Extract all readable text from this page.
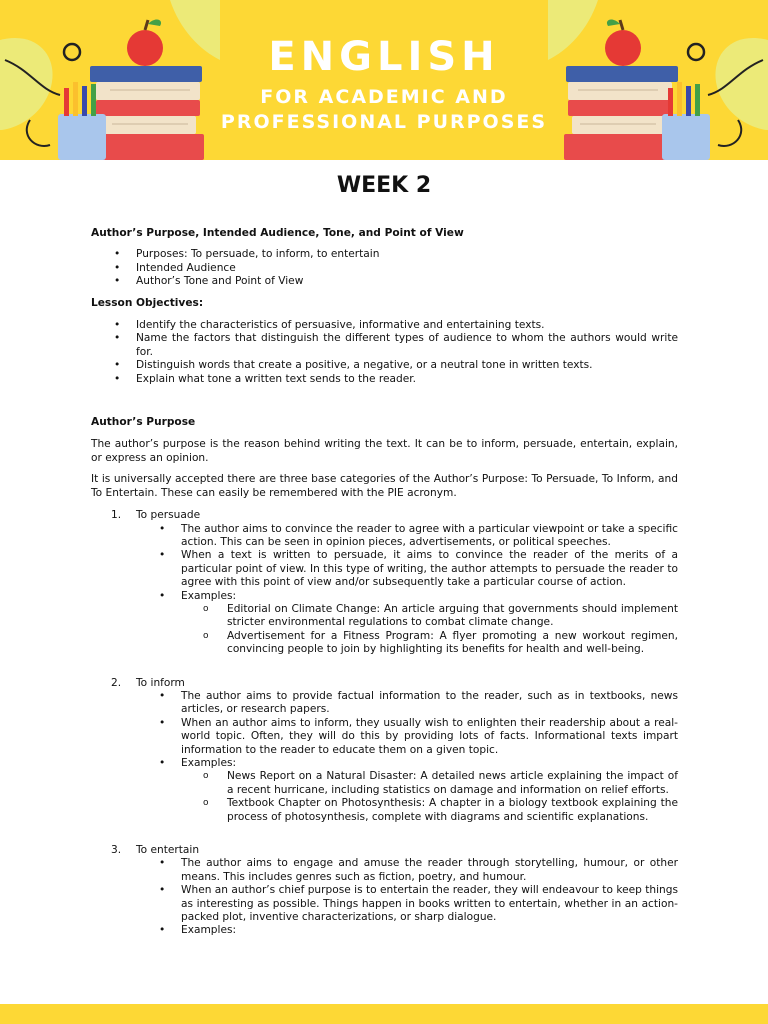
ENGLISH
FOR ACADEMIC AND
PROFESSIONAL PURPOSES
WEEK 2
Author’s Purpose, Intended Audience, Tone, and Point of View
• Purposes: To persuade, to inform, to entertain
• Intended Audience
• Author’s Tone and Point of View
Lesson Objectives:
• Identify the characteristics of persuasive, informative and entertaining texts.
• Name the factors that distinguish the different types of audience to whom the authors would write for.
• Distinguish words that create a positive, a negative, or a neutral tone in written texts.
• Explain what tone a written text sends to the reader.
Author’s Purpose

The author’s purpose is the reason behind writing the text. It can be to inform, persuade, entertain, explain, or express an opinion.

It is universally accepted there are three base categories of the Author’s Purpose: To Persuade, To Inform, and To Entertain. These can easily be remembered with the PIE acronym.

1. To persuade
• The author aims to convince the reader to agree with a particular viewpoint or take a specific action. This can be seen in opinion pieces, advertisements, or political speeches.
• When a text is written to persuade, it aims to convince the reader of the merits of a particular point of view. In this type of writing, the author attempts to persuade the reader to agree with this point of view and/or subsequently take a particular course of action.
• Examples:
o Editorial on Climate Change: An article arguing that governments should implement stricter environmental regulations to combat climate change.
o Advertisement for a Fitness Program: A flyer promoting a new workout regimen, convincing people to join by highlighting its benefits for health and well-being.
2. To inform
• The author aims to provide factual information to the reader, such as in textbooks, news articles, or research papers.
• When an author aims to inform, they usually wish to enlighten their readership about a real-world topic. Often, they will do this by providing lots of facts. Informational texts impart information to the reader to educate them on a given topic.
• Examples:
o News Report on a Natural Disaster: A detailed news article explaining the impact of a recent hurricane, including statistics on damage and information on relief efforts.
o Textbook Chapter on Photosynthesis: A chapter in a biology textbook explaining the process of photosynthesis, complete with diagrams and scientific explanations.
3. To entertain
• The author aims to engage and amuse the reader through storytelling, humour, or other means. This includes genres such as fiction, poetry, and humour.
• When an author’s chief purpose is to entertain the reader, they will endeavour to keep things as interesting as possible. Things happen in books written to entertain, whether in an action-packed plot, inventive characterizations, or sharp dialogue.
• Examples:
